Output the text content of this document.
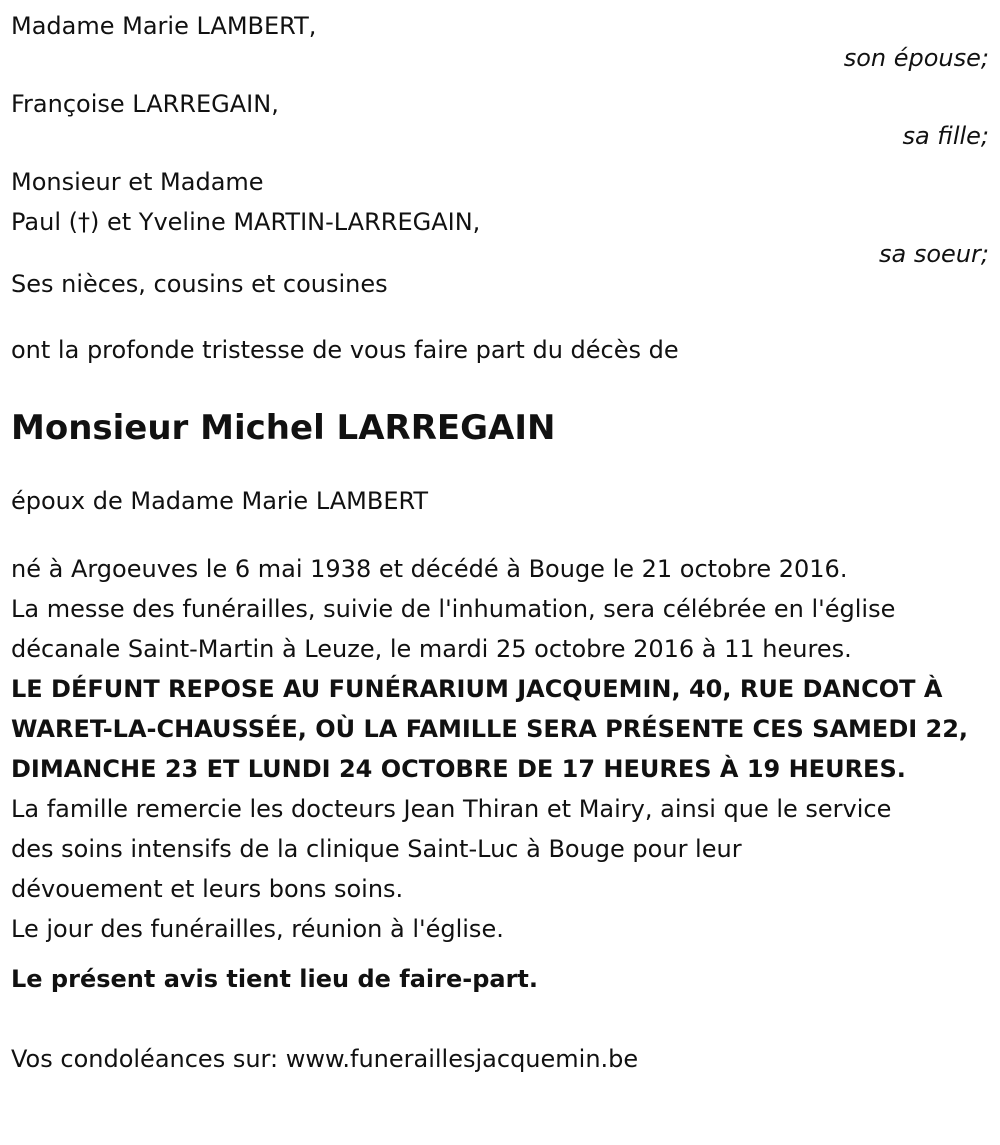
Madame Marie LAMBERT,
son épouse;
Françoise LARREGAIN,
sa fille;
Monsieur et Madame
Paul (†) et Yveline MARTIN-LARREGAIN,
sa soeur;
Ses nièces, cousins et cousines
ont la profonde tristesse de vous faire part du décès de
Monsieur Michel LARREGAIN
époux de Madame Marie LAMBERT
né à Argoeuves le 6 mai 1938 et décédé à Bouge le 21 octobre 2016.
La messe des funérailles, suivie de l'inhumation, sera célébrée en l'église
décanale Saint-Martin à Leuze, le mardi 25 octobre 2016 à 11 heures.
LE DÉFUNT REPOSE AU FUNÉRARIUM JACQUEMIN, 40, RUE DANCOT À
WARET-LA-CHAUSSÉE, OÙ LA FAMILLE SERA PRÉSENTE CES SAMEDI 22,
DIMANCHE 23 ET LUNDI 24 OCTOBRE DE 17 HEURES À 19 HEURES.
La famille remercie les docteurs Jean Thiran et Mairy, ainsi que le service
des soins intensifs de la clinique Saint-Luc à Bouge pour leur
dévouement et leurs bons soins.
Le jour des funérailles, réunion à l'église.
Le présent avis tient lieu de faire-part.
Vos condoléances sur: www.funeraillesjacquemin.be
